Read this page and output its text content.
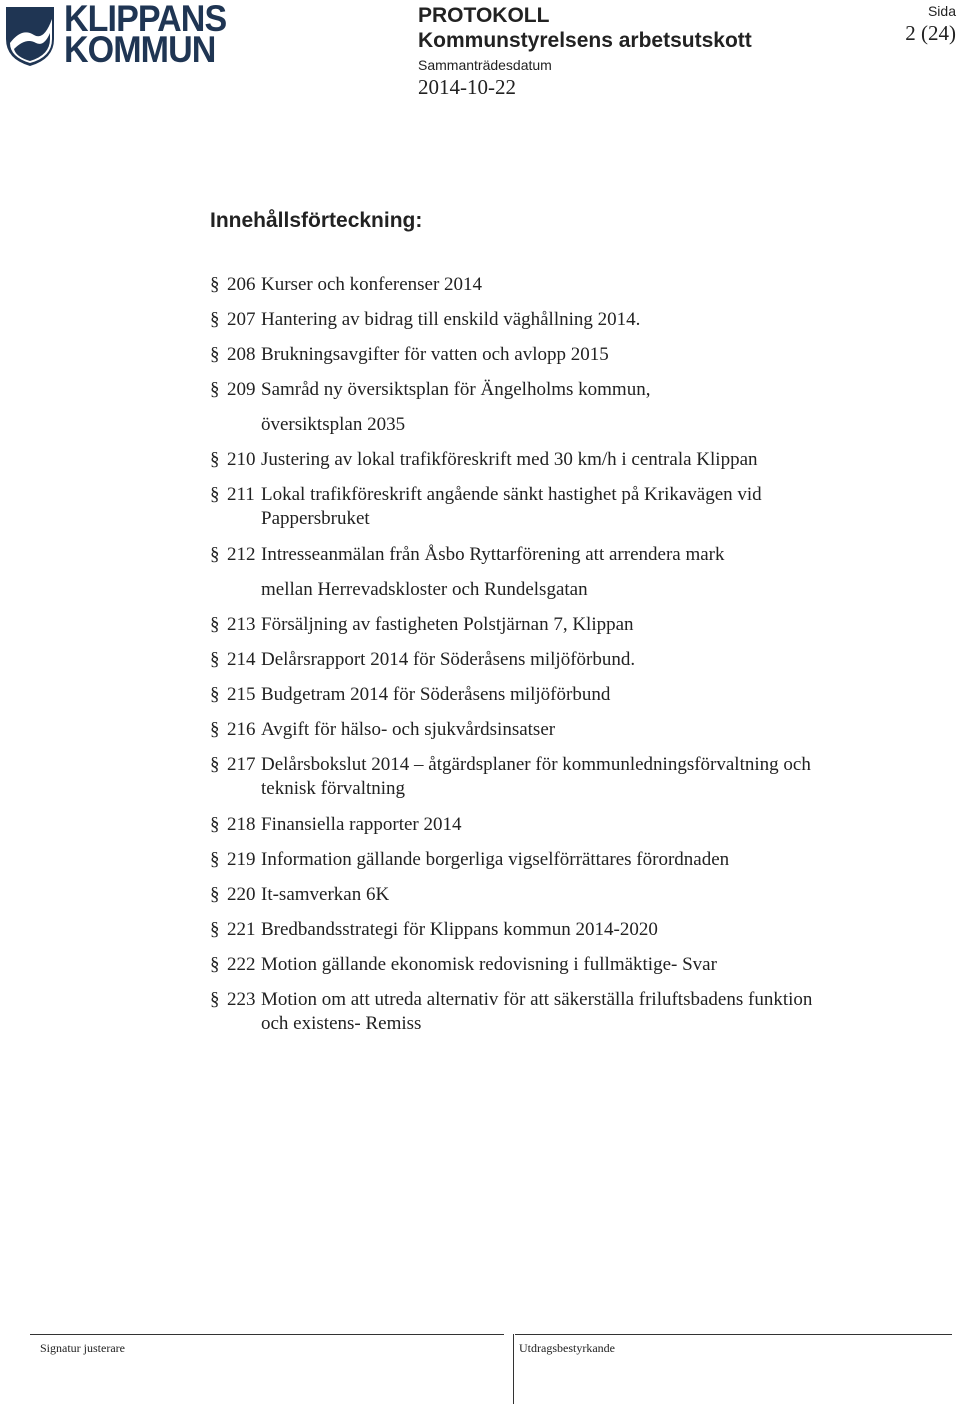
KLIPPANS
KOMMUN
PROTOKOLL
Kommunstyrelsens arbetsutskott
Sammanträdesdatum
2014-10-22
Sida
2 (24)
Innehållsförteckning:
§ 206 Kurser och konferenser 2014
§ 207 Hantering av bidrag till enskild väghållning 2014.
§ 208 Brukningsavgifter för vatten och avlopp 2015
§ 209 Samråd ny översiktsplan för Ängelholms kommun,
översiktsplan 2035
§ 210 Justering av lokal trafikföreskrift med 30 km/h i centrala Klippan
§ 211 Lokal trafikföreskrift angående sänkt hastighet på Krikavägen vid
Pappersbruket
§ 212 Intresseanmälan från Åsbo Ryttarförening att arrendera mark
mellan Herrevadskloster och Rundelsgatan
§ 213 Försäljning av fastigheten Polstjärnan 7, Klippan
§ 214 Delårsrapport 2014 för Söderåsens miljöförbund.
§ 215 Budgetram 2014 för Söderåsens miljöförbund
§ 216 Avgift för hälso- och sjukvårdsinsatser
§ 217 Delårsbokslut 2014 – åtgärdsplaner för kommunledningsförvaltning och
teknisk förvaltning
§ 218 Finansiella rapporter 2014
§ 219 Information gällande borgerliga vigselförrättares förordnaden
§ 220 It-samverkan 6K
§ 221 Bredbandsstrategi för Klippans kommun 2014-2020
§ 222 Motion gällande ekonomisk redovisning i fullmäktige- Svar
§ 223 Motion om att utreda alternativ för att säkerställa friluftsbadens funktion
och existens- Remiss
Signatur justerare	Utdragsbestyrkande
